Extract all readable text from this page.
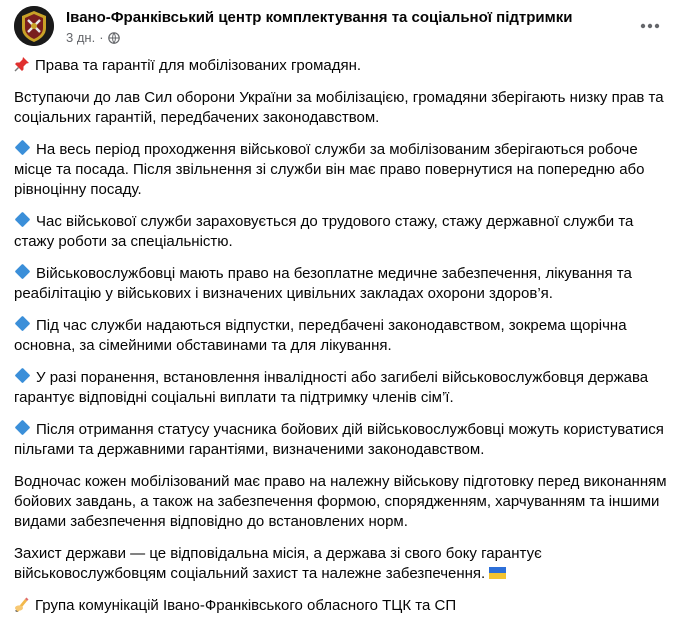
Івано-Франківський центр комплектування та соціальної підтримки
3 дн. ·

Права та гарантії для мобілізованих громадян.

Вступаючи до лав Сил оборони України за мобілізацією, громадяни зберігають низку прав та соціальних гарантій, передбачених законодавством.

На весь період проходження військової служби за мобілізованим зберігаються робоче місце та посада. Після звільнення зі служби він має право повернутися на попередню або рівноцінну посаду.

Час військової служби зараховується до трудового стажу, стажу державної служби та стажу роботи за спеціальністю.

Військовослужбовці мають право на безоплатне медичне забезпечення, лікування та реабілітацію у військових і визначених цивільних закладах охорони здоров’я.

Під час служби надаються відпустки, передбачені законодавством, зокрема щорічна основна, за сімейними обставинами та для лікування.

У разі поранення, встановлення інвалідності або загибелі військовослужбовця держава гарантує відповідні соціальні виплати та підтримку членів сім’ї.

Після отримання статусу учасника бойових дій військовослужбовці можуть користуватися пільгами та державними гарантіями, визначеними законодавством.

Водночас кожен мобілізований має право на належну військову підготовку перед виконанням бойових завдань, а також на забезпечення формою, спорядженням, харчуванням та іншими видами забезпечення відповідно до встановлених норм.

Захист держави — це відповідальна місія, а держава зі свого боку гарантує військовослужбовцям соціальний захист та належне забезпечення.

Група комунікацій Івано-Франківського обласного ТЦК та СП
